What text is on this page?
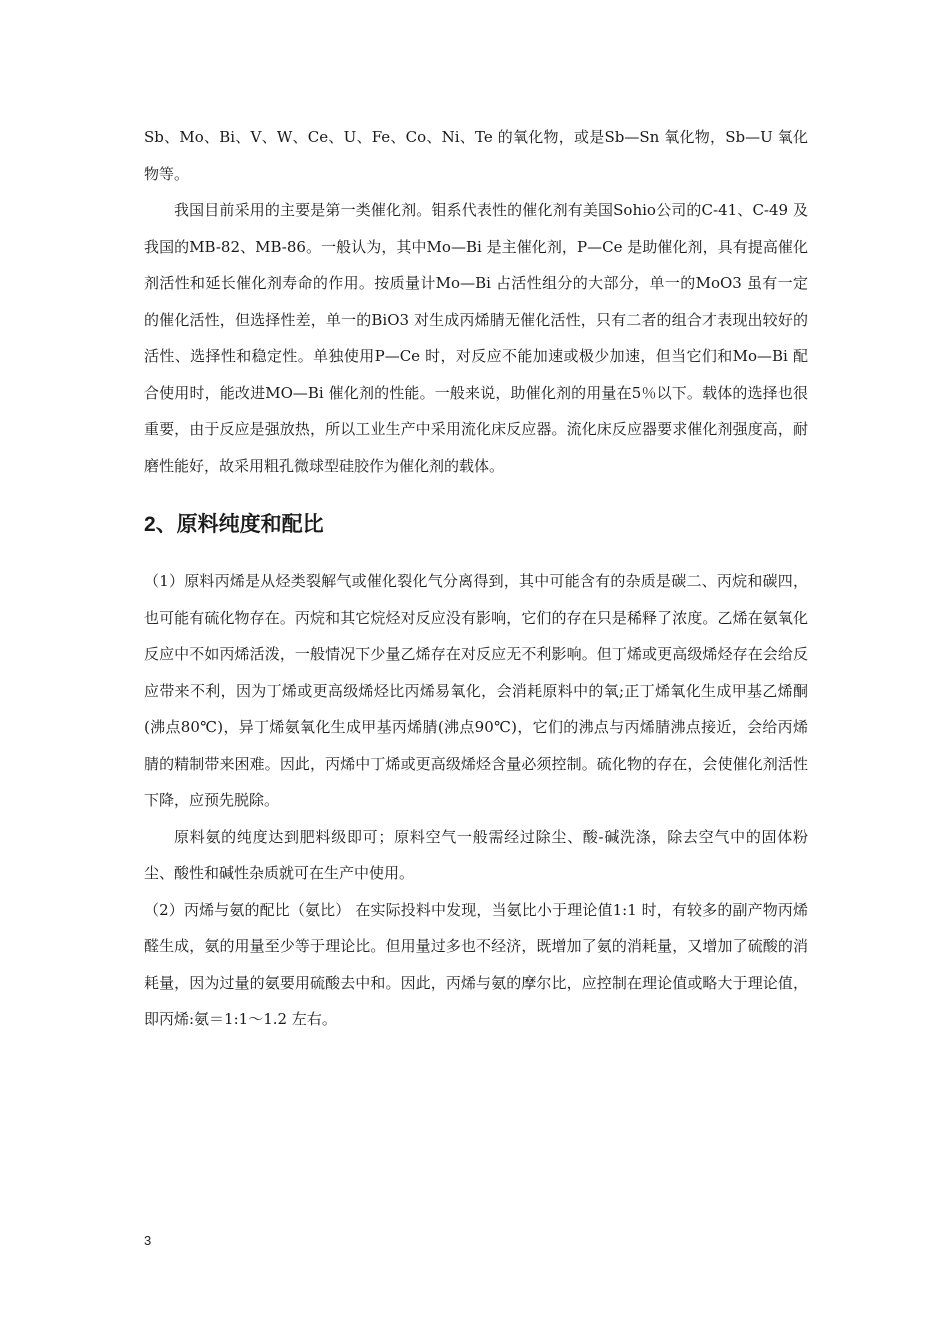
Sb、Mo、Bi、V、W、Ce、U、Fe、Co、Ni、Te 的氧化物，或是Sb—Sn 氧化物，Sb—U 氧化物等。

我国目前采用的主要是第一类催化剂。钼系代表性的催化剂有美国Sohio公司的C-41、C-49 及我国的MB-82、MB-86。一般认为，其中Mo—Bi 是主催化剂，P—Ce 是助催化剂，具有提高催化剂活性和延长催化剂寿命的作用。按质量计Mo—Bi 占活性组分的大部分，单一的MoO3 虽有一定的催化活性，但选择性差，单一的BiO3 对生成丙烯腈无催化活性，只有二者的组合才表现出较好的活性、选择性和稳定性。单独使用P—Ce 时，对反应不能加速或极少加速，但当它们和Mo—Bi 配合使用时，能改进MO—Bi 催化剂的性能。一般来说，助催化剂的用量在5％以下。载体的选择也很重要，由于反应是强放热，所以工业生产中采用流化床反应器。流化床反应器要求催化剂强度高，耐磨性能好，故采用粗孔微球型硅胶作为催化剂的载体。

2、原料纯度和配比

（1）原料丙烯是从烃类裂解气或催化裂化气分离得到，其中可能含有的杂质是碳二、丙烷和碳四，也可能有硫化物存在。丙烷和其它烷烃对反应没有影响，它们的存在只是稀释了浓度。乙烯在氨氧化反应中不如丙烯活泼，一般情况下少量乙烯存在对反应无不利影响。但丁烯或更高级烯烃存在会给反应带来不利，因为丁烯或更高级烯烃比丙烯易氧化，会消耗原料中的氧;正丁烯氧化生成甲基乙烯酮(沸点80℃)，异丁烯氨氧化生成甲基丙烯腈(沸点90℃)，它们的沸点与丙烯腈沸点接近，会给丙烯腈的精制带来困难。因此，丙烯中丁烯或更高级烯烃含量必须控制。硫化物的存在，会使催化剂活性下降，应预先脱除。

原料氨的纯度达到肥料级即可；原料空气一般需经过除尘、酸-碱洗涤，除去空气中的固体粉尘、酸性和碱性杂质就可在生产中使用。

（2）丙烯与氨的配比（氨比） 在实际投料中发现，当氨比小于理论值1:1 时，有较多的副产物丙烯醛生成，氨的用量至少等于理论比。但用量过多也不经济，既增加了氨的消耗量，又增加了硫酸的消耗量，因为过量的氨要用硫酸去中和。因此，丙烯与氨的摩尔比，应控制在理论值或略大于理论值，即丙烯:氨＝1:1～1.2 左右。

3
